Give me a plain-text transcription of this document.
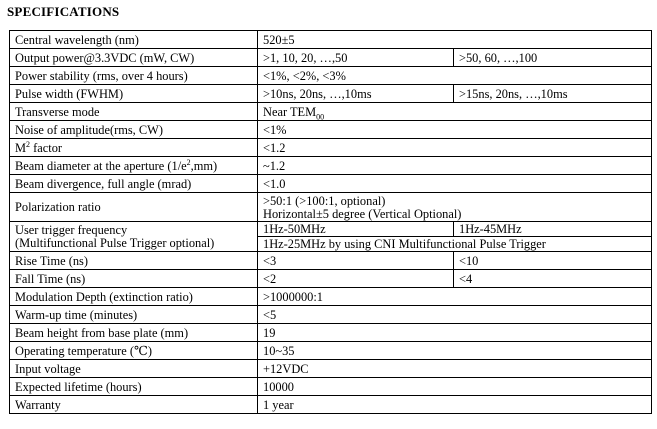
SPECIFICATIONS
Central wavelength (nm)	520±5	
Output power@3.3VDC (mW, CW)	>1, 10, 20, …,50	>50, 60, …,100
Power stability (rms, over 4 hours)	<1%, <2%, <3%	
Pulse width (FWHM)	>10ns, 20ns, …,10ms	>15ns, 20ns, …,10ms
Transverse mode	Near $TEM_{00}$
Noise of amplitude(rms, CW)	<1%	
$M^2$ factor	<1.2	
Beam diameter at the aperture $(1/e^2,mm)$	~1.2	
Beam divergence, full angle (mrad)	<1.0	
Polarization ratio	>50:1 (>100:1, optional)
Horizontal±5 degree (Vertical Optional)	

User trigger frequency
(Multifunctional Pulse Trigger optional)	1Hz-50MHz	1Hz-45MHz
	1Hz-25MHz by using CNI Multifunctional Pulse Trigger	
Rise Time (ns)	<3	<10
Fall Time (ns)	<2	<4
Modulation Depth (extinction ratio)	>1000000:1	
Warm-up time (minutes)	<5	
Beam height from base plate (mm)	19	
Operating temperature (℃)	10~35	
Input voltage	+12VDC	
Expected lifetime (hours)	10000	
Warranty	1 year	
